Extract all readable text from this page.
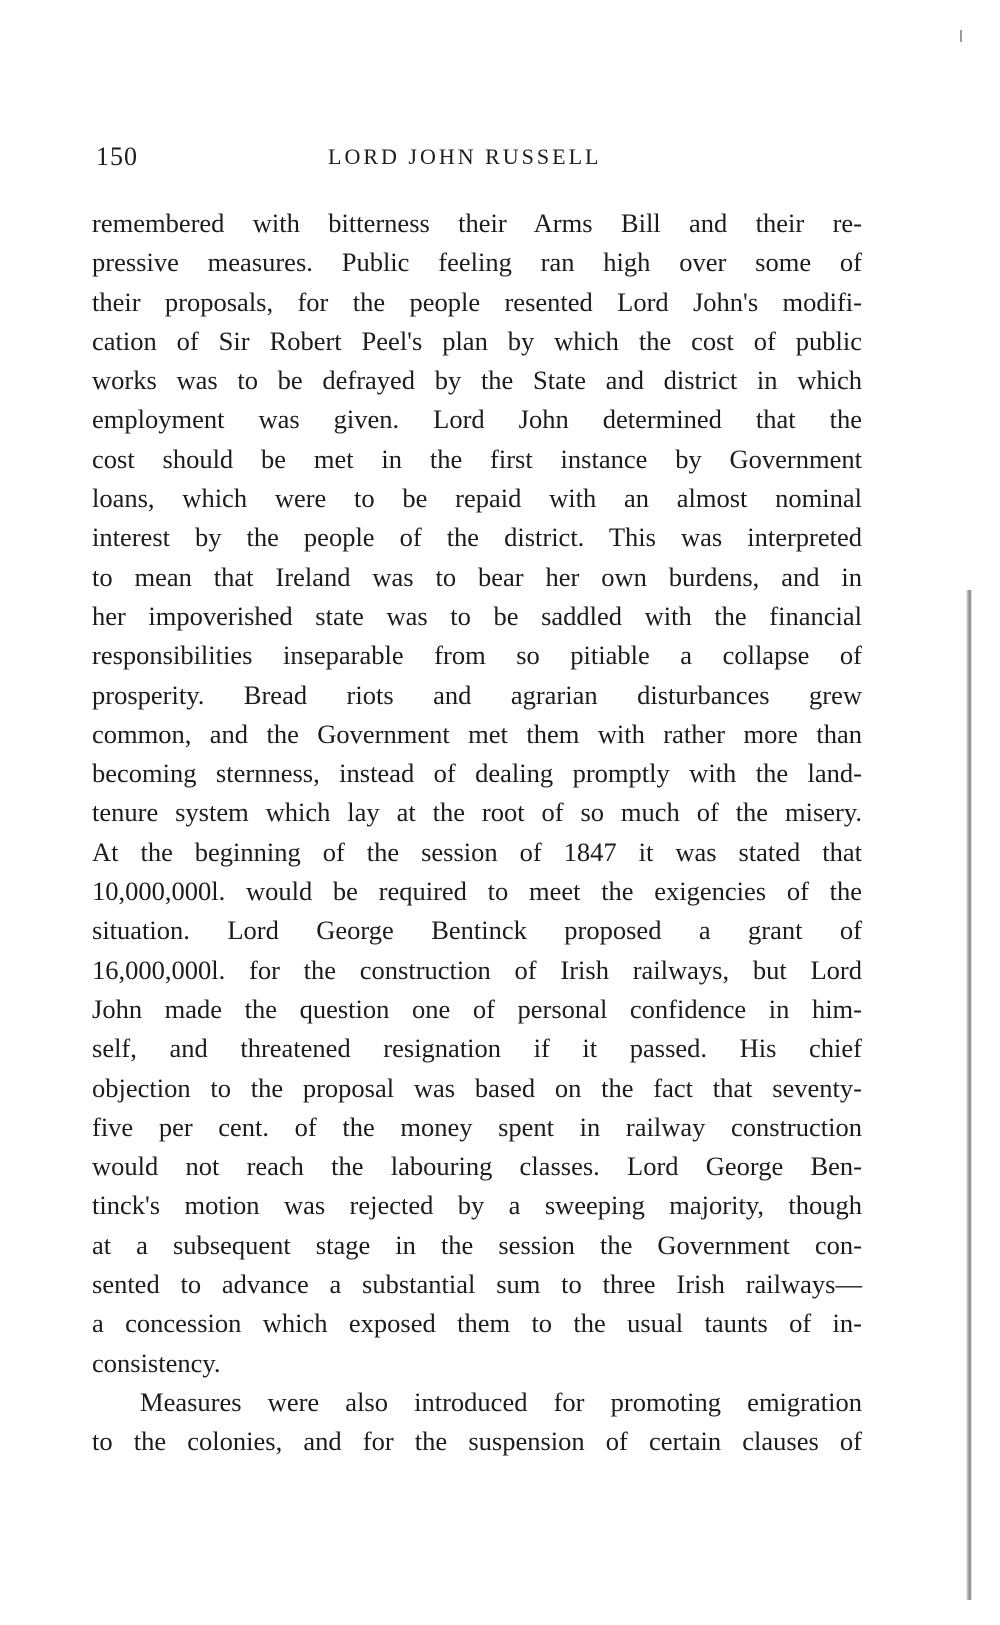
150	LORD JOHN RUSSELL
remembered with bitterness their Arms Bill and their re-
pressive measures. Public feeling ran high over some of
their proposals, for the people resented Lord John's modifi-
cation of Sir Robert Peel's plan by which the cost of public
works was to be defrayed by the State and district in which
employment was given. Lord John determined that the
cost should be met in the first instance by Government
loans, which were to be repaid with an almost nominal
interest by the people of the district. This was interpreted
to mean that Ireland was to bear her own burdens, and in
her impoverished state was to be saddled with the financial
responsibilities inseparable from so pitiable a collapse of
prosperity. Bread riots and agrarian disturbances grew
common, and the Government met them with rather more than
becoming sternness, instead of dealing promptly with the land-
tenure system which lay at the root of so much of the misery.
At the beginning of the session of 1847 it was stated that
10,000,000l. would be required to meet the exigencies of the
situation. Lord George Bentinck proposed a grant of
16,000,000l. for the construction of Irish railways, but Lord
John made the question one of personal confidence in him-
self, and threatened resignation if it passed. His chief
objection to the proposal was based on the fact that seventy-
five per cent. of the money spent in railway construction
would not reach the labouring classes. Lord George Ben-
tinck's motion was rejected by a sweeping majority, though
at a subsequent stage in the session the Government con-
sented to advance a substantial sum to three Irish railways—
a concession which exposed them to the usual taunts of in-
consistency.
Measures were also introduced for promoting emigration
to the colonies, and for the suspension of certain clauses of
